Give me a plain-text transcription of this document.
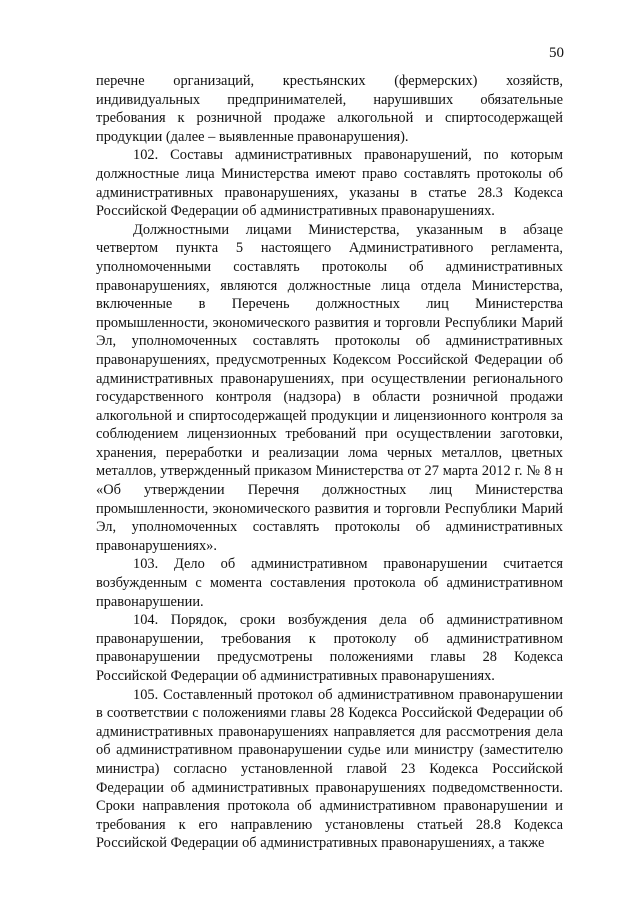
50

перечне организаций, крестьянских (фермерских) хозяйств, индивидуальных предпринимателей, нарушивших обязательные требования к розничной продаже алкогольной и спиртосодержащей продукции (далее – выявленные правонарушения).

102. Составы административных правонарушений, по которым должностные лица Министерства имеют право составлять протоколы об административных правонарушениях, указаны в статье 28.3 Кодекса Российской Федерации об административных правонарушениях.

Должностными лицами Министерства, указанным в абзаце четвертом пункта 5 настоящего Административного регламента, уполномоченными составлять протоколы об административных правонарушениях, являются должностные лица отдела Министерства, включенные в Перечень должностных лиц Министерства промышленности, экономического развития и торговли Республики Марий Эл, уполномоченных составлять протоколы об административных правонарушениях, предусмотренных Кодексом Российской Федерации об административных правонарушениях, при осуществлении регионального государственного контроля (надзора) в области розничной продажи алкогольной и спиртосодержащей продукции и лицензионного контроля за соблюдением лицензионных требований при осуществлении заготовки, хранения, переработки и реализации лома черных металлов, цветных металлов, утвержденный приказом Министерства от 27 марта 2012 г. № 8 н «Об утверждении Перечня должностных лиц Министерства промышленности, экономического развития и торговли Республики Марий Эл, уполномоченных составлять протоколы об административных правонарушениях».

103. Дело об административном правонарушении считается возбужденным с момента составления протокола об административном правонарушении.

104. Порядок, сроки возбуждения дела об административном правонарушении, требования к протоколу об административном правонарушении предусмотрены положениями главы 28 Кодекса Российской Федерации об административных правонарушениях.

105. Составленный протокол об административном правонарушении в соответствии с положениями главы 28 Кодекса Российской Федерации об административных правонарушениях направляется для рассмотрения дела об административном правонарушении судье или министру (заместителю министра) согласно установленной главой 23 Кодекса Российской Федерации об административных правонарушениях подведомственности. Сроки направления протокола об административном правонарушении и требования к его направлению установлены статьей 28.8 Кодекса Российской Федерации об административных правонарушениях, а также
